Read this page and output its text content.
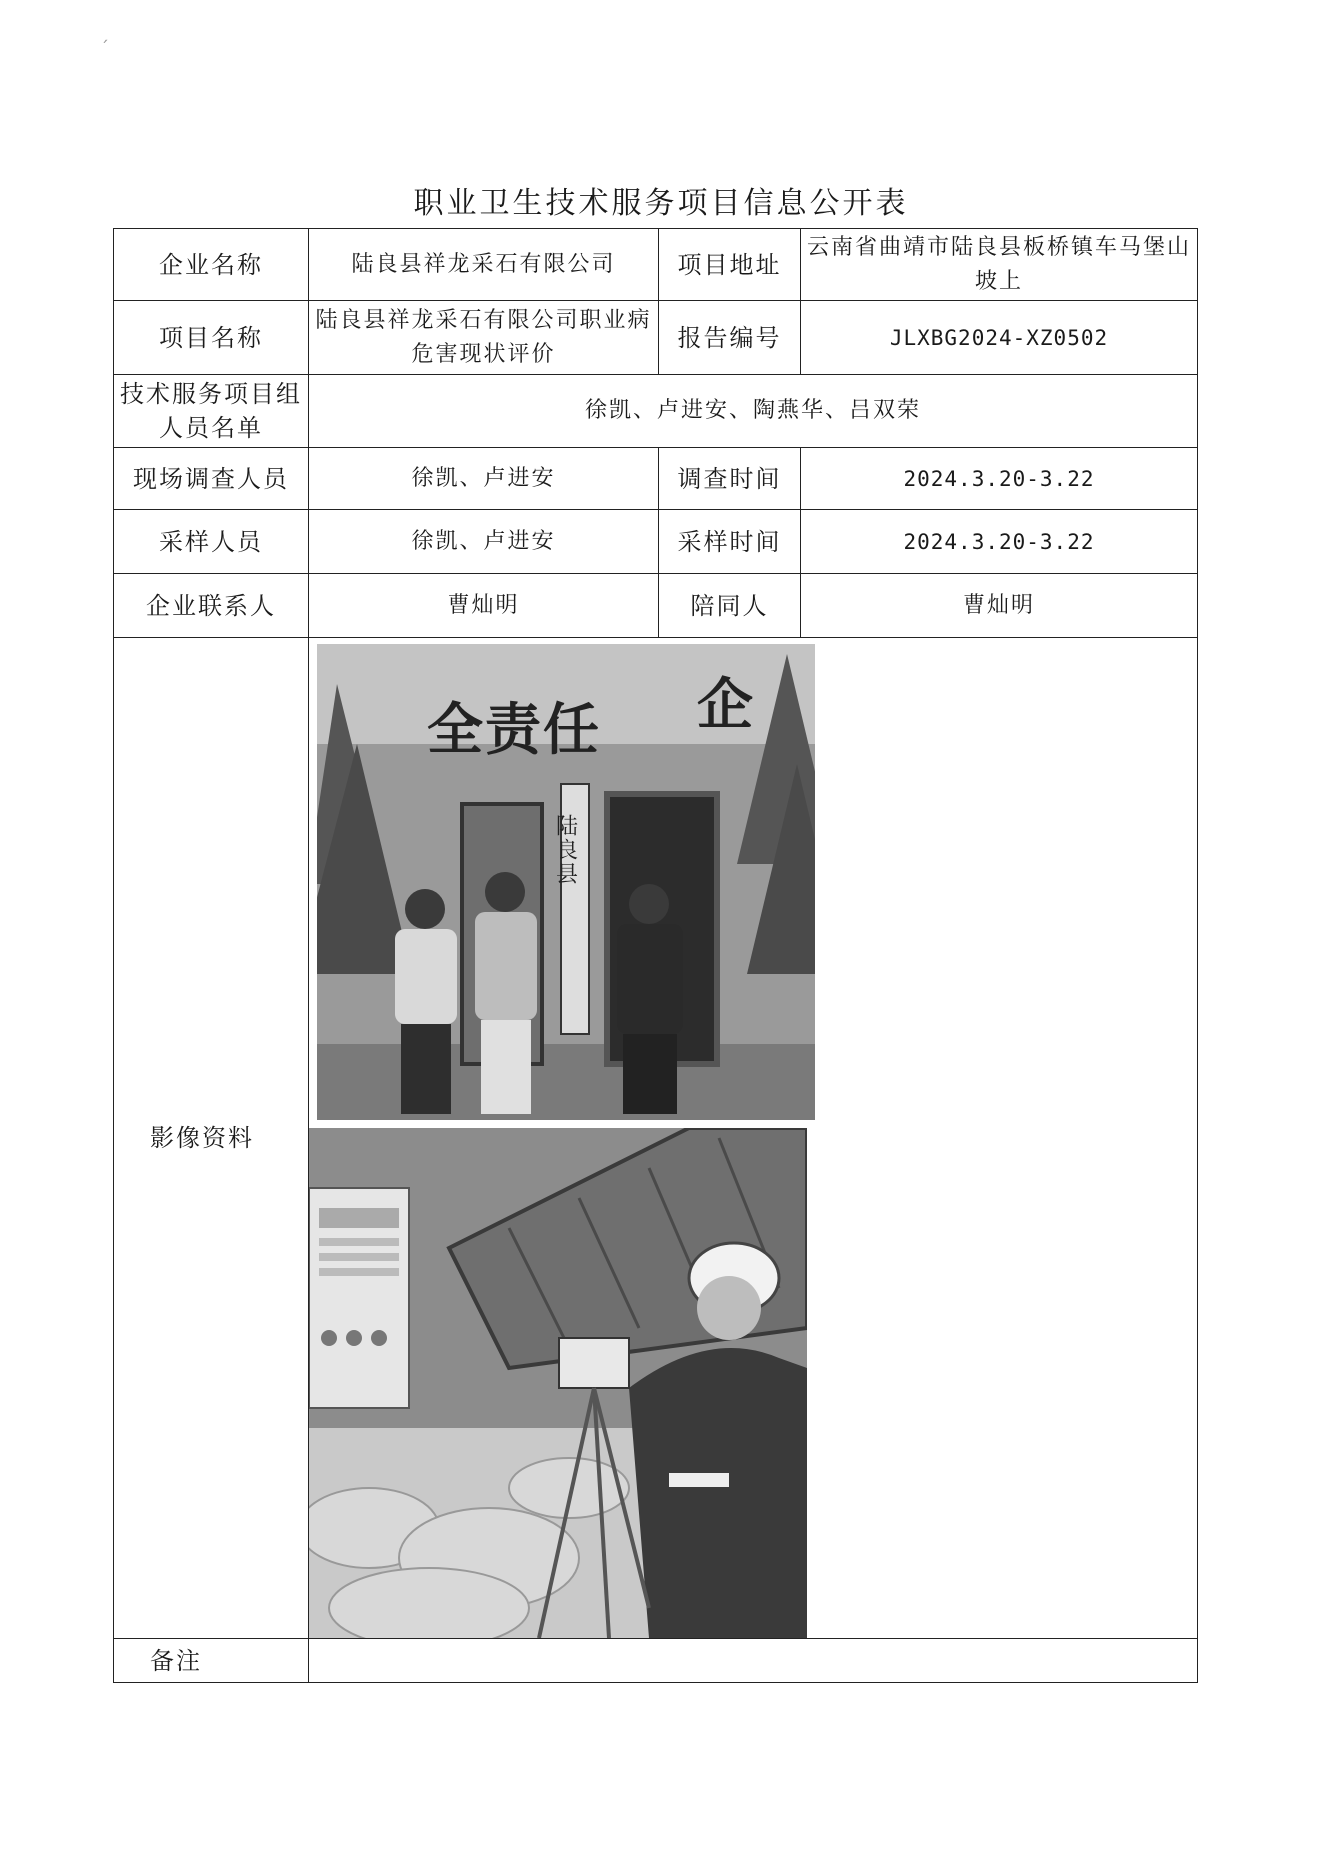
ˊ
职业卫生技术服务项目信息公开表
企业名称	陆良县祥龙采石有限公司	项目地址	云南省曲靖市陆良县板桥镇车马堡山坡上
项目名称	陆良县祥龙采石有限公司职业病危害现状评价	报告编号	JLXBG2024-XZ0502
技术服务项目组人员名单	徐凯、卢进安、陶燕华、吕双荣		
现场调查人员	徐凯、卢进安	调查时间	2024.3.20-3.22
采样人员	徐凯、卢进安	采样时间	2024.3.20-3.22
企业联系人	曹灿明	陪同人	曹灿明
影像资料	全责任 企
陆良县		

备注			
